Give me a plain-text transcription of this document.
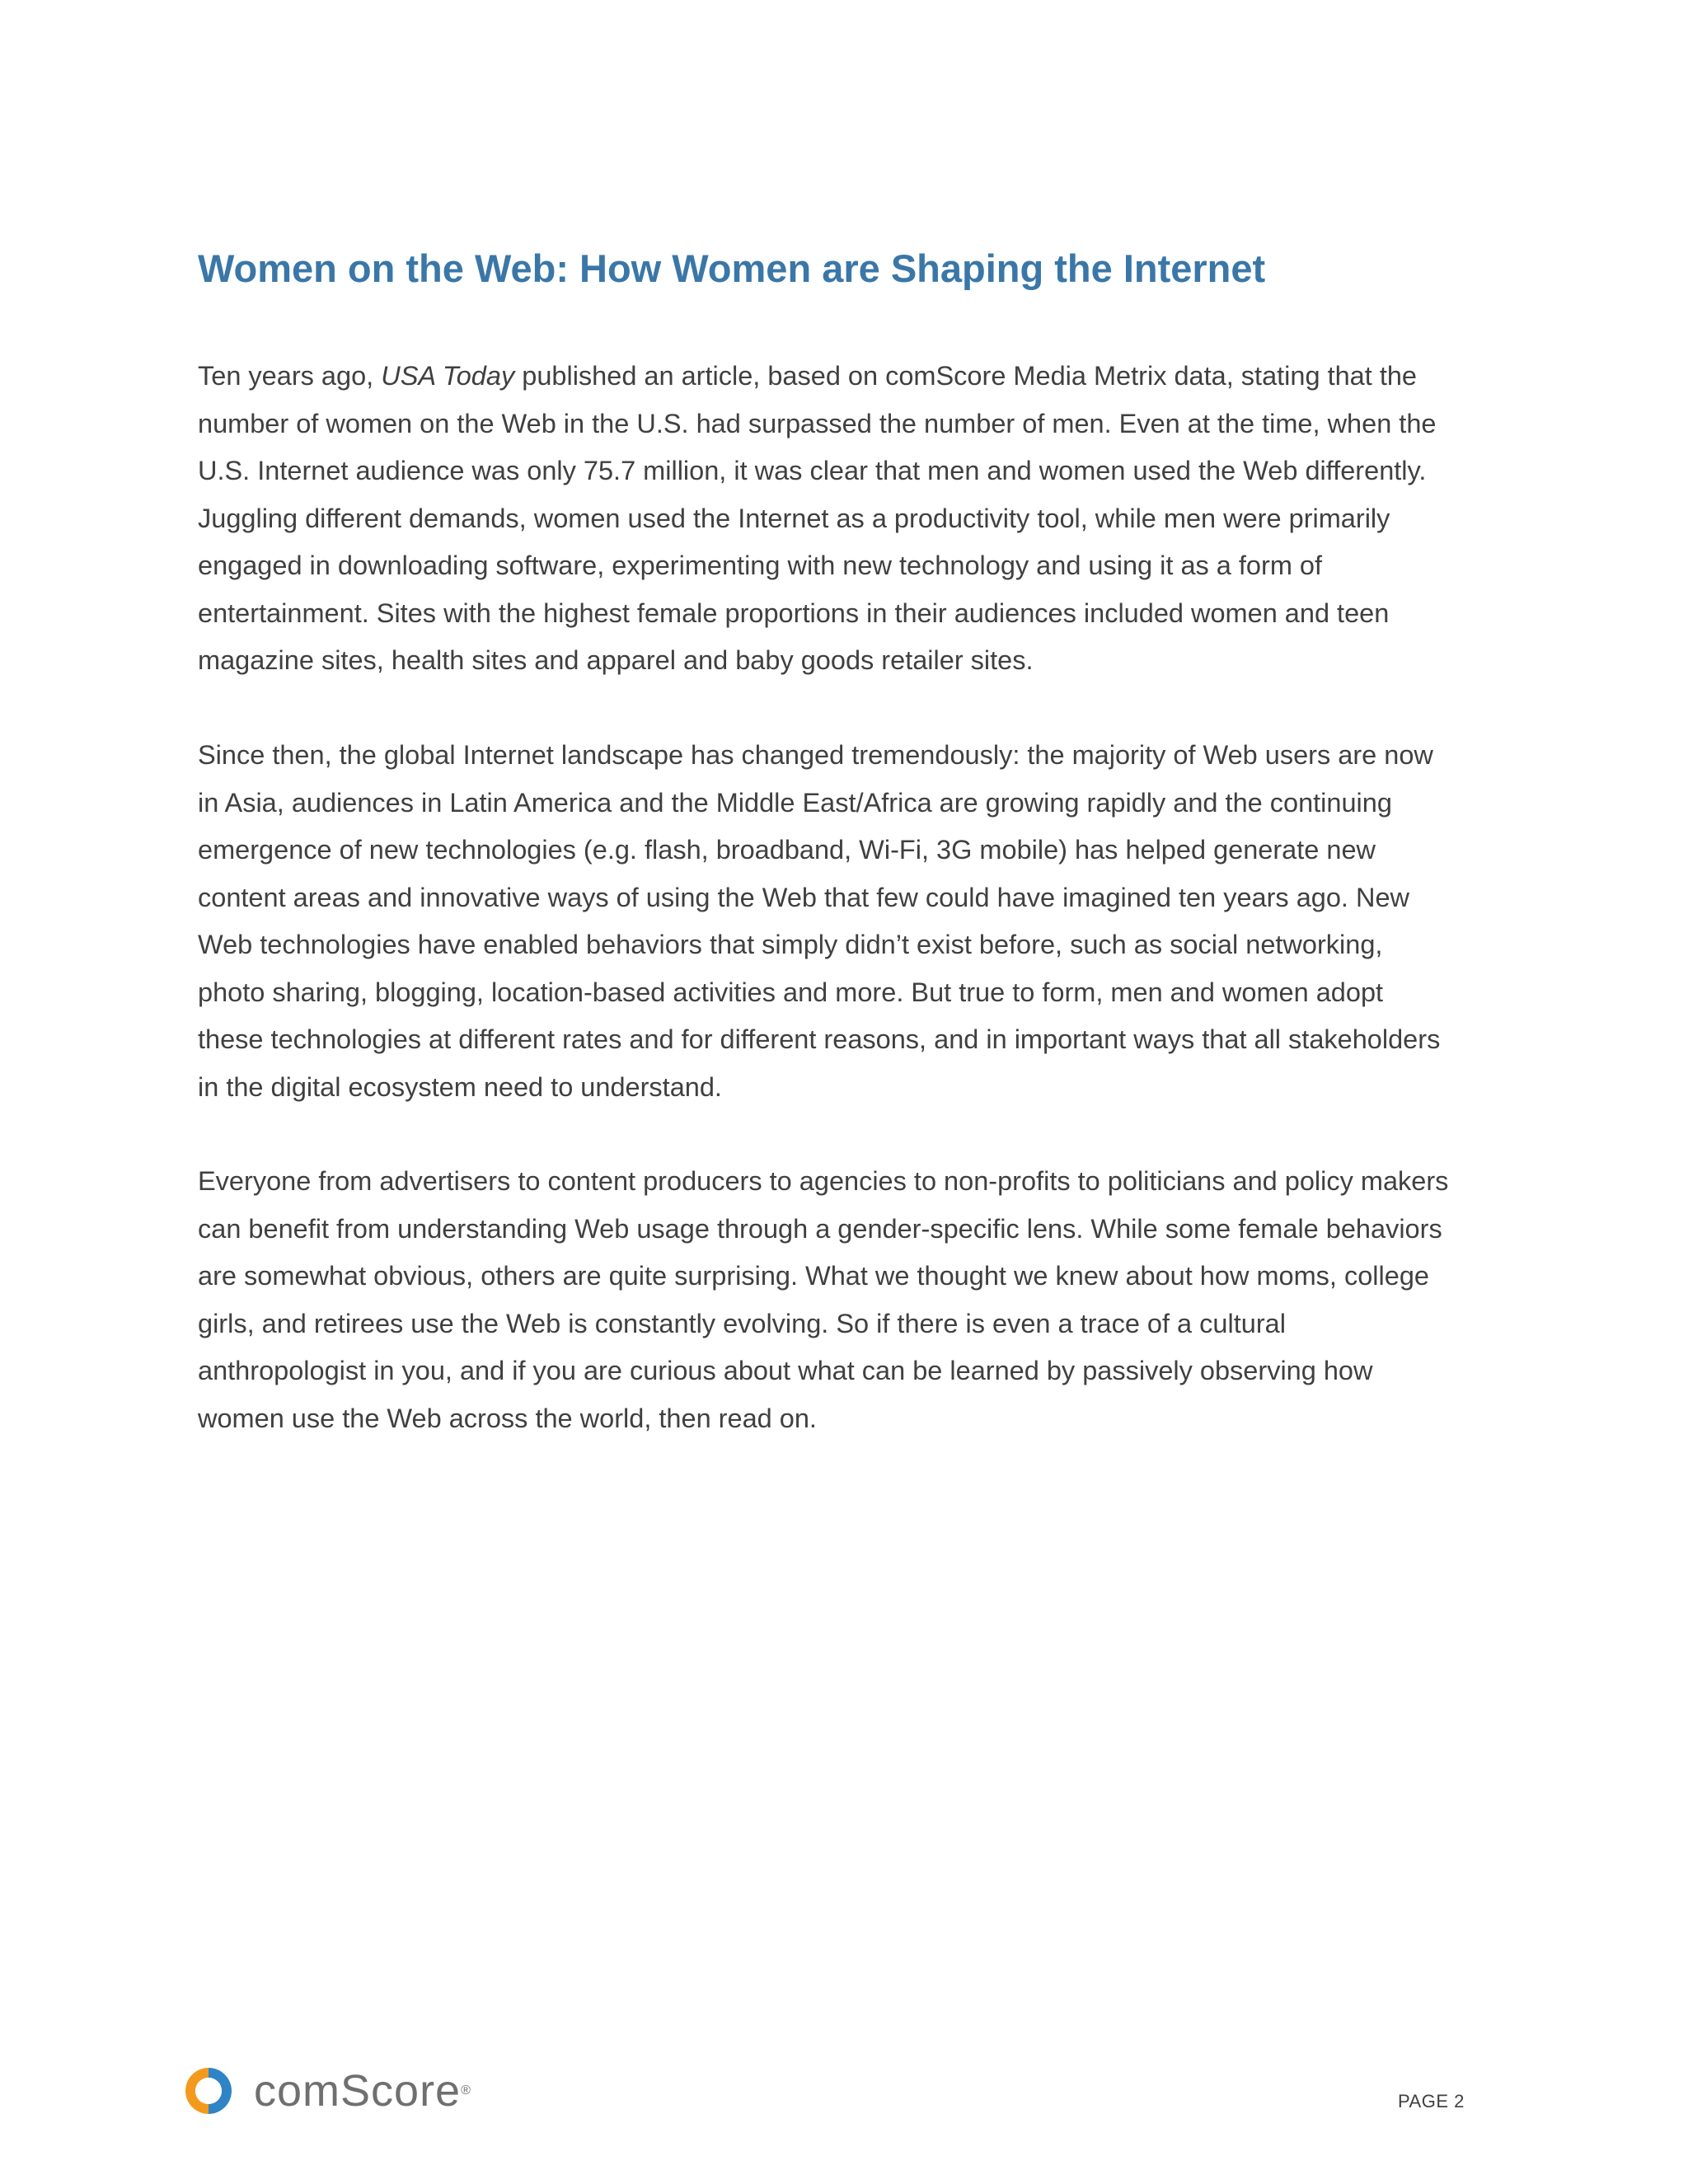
Women on the Web: How Women are Shaping the Internet
Ten years ago, USA Today published an article, based on comScore Media Metrix data, stating that the
number of women on the Web in the U.S. had surpassed the number of men. Even at the time, when the
U.S. Internet audience was only 75.7 million, it was clear that men and women used the Web differently.
Juggling different demands, women used the Internet as a productivity tool, while men were primarily
engaged in downloading software, experimenting with new technology and using it as a form of
entertainment. Sites with the highest female proportions in their audiences included women and teen
magazine sites, health sites and apparel and baby goods retailer sites.
Since then, the global Internet landscape has changed tremendously: the majority of Web users are now
in Asia, audiences in Latin America and the Middle East/Africa are growing rapidly and the continuing
emergence of new technologies (e.g. flash, broadband, Wi-Fi, 3G mobile) has helped generate new
content areas and innovative ways of using the Web that few could have imagined ten years ago. New
Web technologies have enabled behaviors that simply didn’t exist before, such as social networking,
photo sharing, blogging, location-based activities and more. But true to form, men and women adopt
these technologies at different rates and for different reasons, and in important ways that all stakeholders
in the digital ecosystem need to understand.
Everyone from advertisers to content producers to agencies to non-profits to politicians and policy makers
can benefit from understanding Web usage through a gender-specific lens. While some female behaviors
are somewhat obvious, others are quite surprising. What we thought we knew about how moms, college
girls, and retirees use the Web is constantly evolving. So if there is even a trace of a cultural
anthropologist in you, and if you are curious about what can be learned by passively observing how
women use the Web across the world, then read on.
comScore®
PAGE 2
